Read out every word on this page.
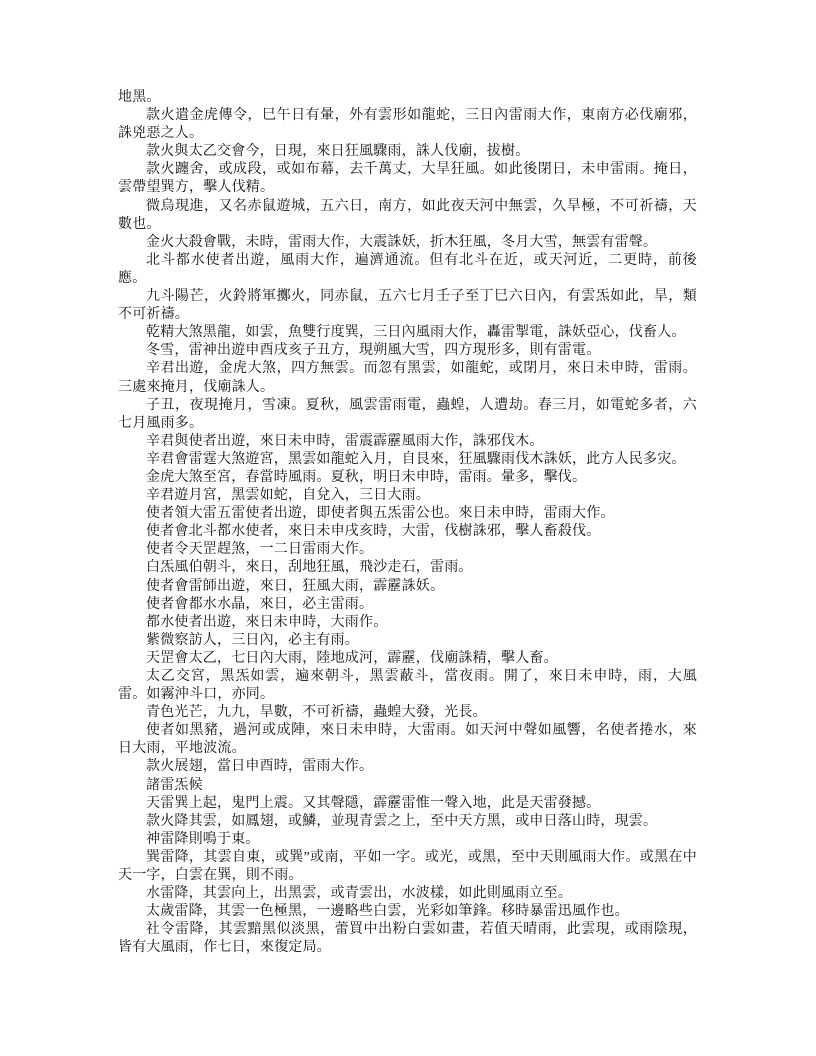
地黑。

款火遣金虎傳令，巳午日有暈，外有雲形如龍蛇，三日內雷雨大作，東南方必伐廟邪，誅兇惡之人。

款火與太乙交會今，日現，來日狂風驟雨，誅人伐廟，拔樹。

款火躔舍，或成段，或如布幕，去千萬丈，大旱狂風。如此後閉日，未申雷雨。掩日，雲帶望巽方，擊人伐精。

微烏現進，又名赤鼠遊城，五六日，南方，如此夜天河中無雲，久旱極，不可祈禱，天數也。

金火大殺會戰，未時，雷雨大作，大震誅妖，折木狂風，冬月大雪，無雲有雷聲。

北斗都水使者出遊，風雨大作，遍濟通流。但有北斗在近，或天河近，二更時，前後應。

九斗陽芒，火鈴將軍擲火，同赤鼠，五六七月壬子至丁巳六日內，有雲炁如此，旱，類不可祈禱。

乾精大煞黑龍，如雲，魚雙行度巽，三日內風雨大作，轟雷掣電，誅妖亞心，伐畜人。

冬雪，雷神出遊申酉戌亥子丑方，現朔風大雪，四方現形多，則有雷電。

辛君出遊，金虎大煞，四方無雲。而忽有黑雲，如龍蛇，或閉月，來日未申時，雷雨。三處來掩月，伐廟誅人。

子丑，夜現掩月，雪凍。夏秋，風雲雷雨電，蟲蝗，人遭劫。春三月，如電蛇多者，六七月風雨多。

辛君與使者出遊，來日未申時，雷震霹靂風雨大作，誅邪伐木。

辛君會雷霆大煞遊宮，黑雲如龍蛇入月，自艮來，狂風驟雨伐木誅妖，此方人民多灾。

金虎大煞至宮，春當時風雨。夏秋，明日未申時，雷雨。暈多，擊伐。

辛君遊月宮，黑雲如蛇，自兌入，三日大雨。

使者領大雷五雷使者出遊，即使者與五炁雷公也。來日未申時，雷雨大作。

使者會北斗都水使者，來日未申戌亥時，大雷，伐樹誅邪，擊人畜殺伐。

使者令天罡趕煞，一二日雷雨大作。

白炁風伯朝斗，來日，刮地狂風，飛沙走石，雷雨。

使者會雷師出遊，來日，狂風大雨，霹靂誅妖。

使者會都水水晶，來日，必主雷雨。

都水使者出遊，來日未申時，大雨作。

紫微察訪人，三日內，必主有雨。

天罡會太乙，七日內大雨，陸地成河，霹靂，伐廟誅精，擊人畜。

太乙交宮，黑炁如雲，遍來朝斗，黑雲蔽斗，當夜雨。開了，來日未申時，雨，大風雷。如霧沖斗口，亦同。

青色光芒，九九，旱數，不可祈禱，蟲蝗大發，光長。

使者如黑豬，過河或成陣，來日未申時，大雷雨。如天河中聲如風響，名使者捲水，來日大雨，平地波流。

款火展翅，當日申酉時，雷雨大作。

諸雷炁候

天雷巽上起，鬼門上震。又其聲隱，霹靂雷惟一聲入地，此是天雷發撼。

款火降其雲，如鳳翅，或鱗，並現青雲之上，至中天方黑，或申日落山時，現雲。

神雷降則鳴于東。

巽雷降，其雲自東，或巽”或南，平如一字。或光，或黑，至中天則風雨大作。或黑在中天一字，白雲在巽，則不雨。

水雷降，其雲向上，出黑雲，或青雲出，水波樣，如此則風雨立至。

太歲雷降，其雲一色極黑，一邊略些白雲，光彩如筆鋒。移時暴雷迅風作也。

社令雷降，其雲黯黑似淡黑，蕾買中出粉白雲如畫，若值天晴雨，此雲現，或雨陰現，皆有大風雨，作七日，來復定局。
